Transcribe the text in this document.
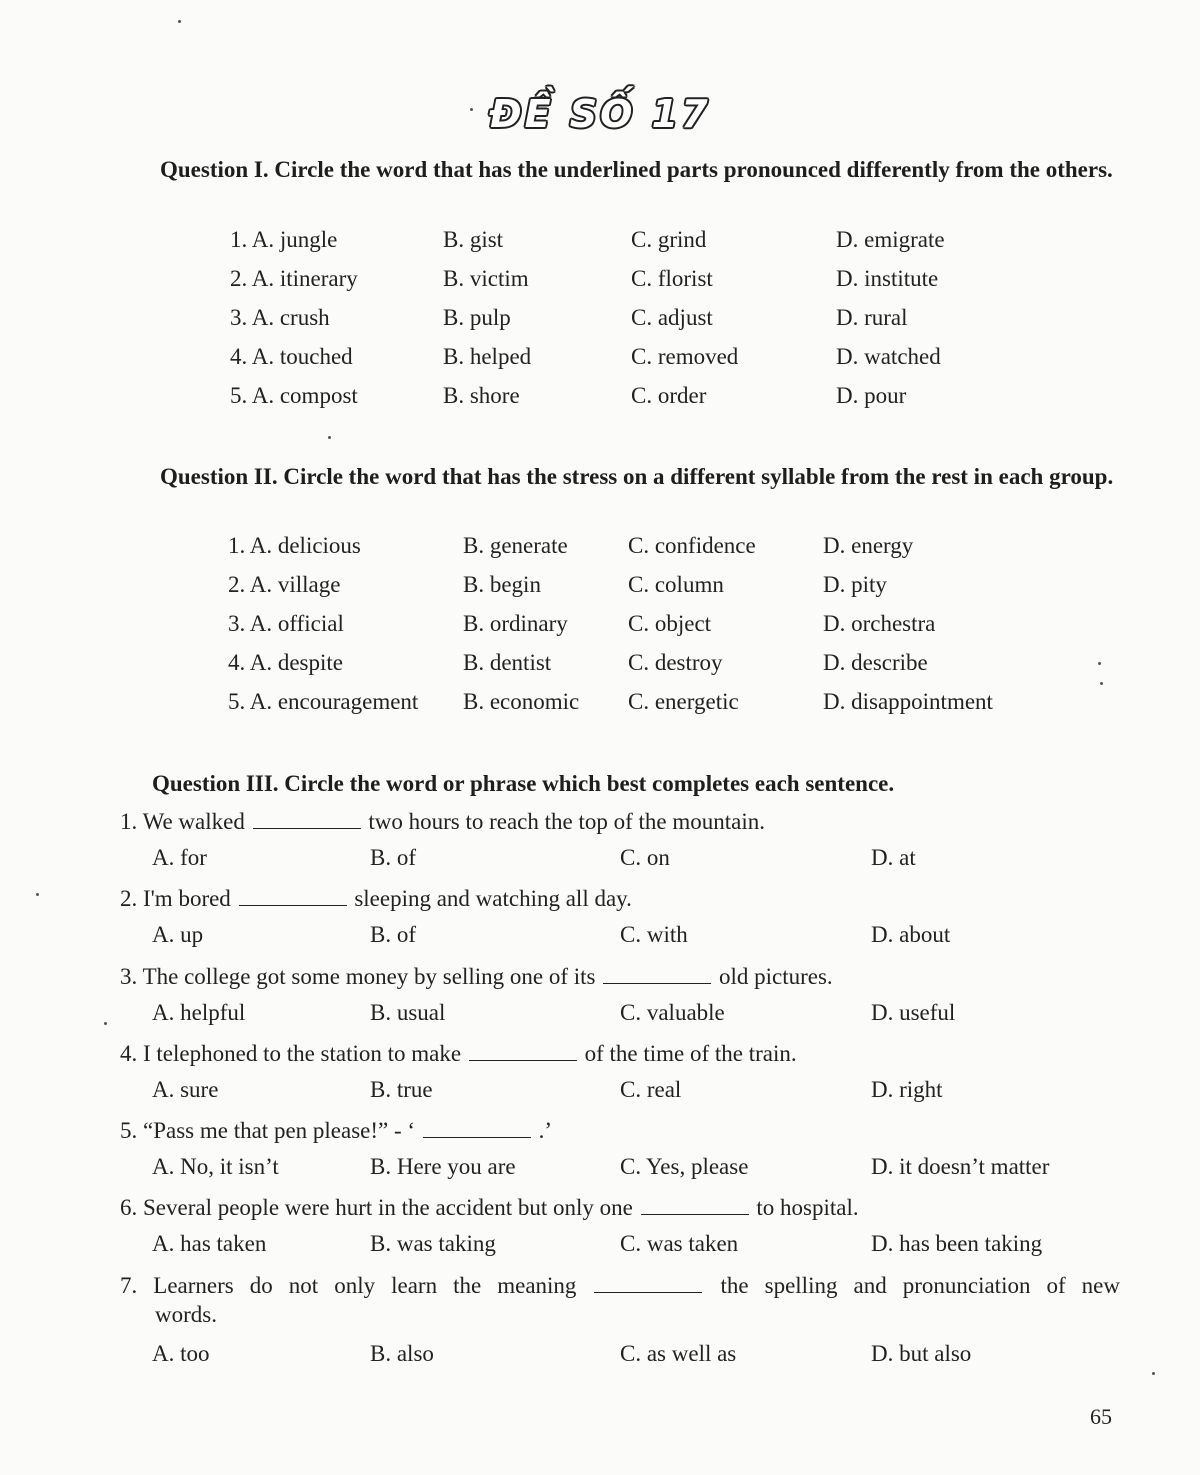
ĐỀ SỐ 17
Question I. Circle the word that has the underlined parts pronounced differently from the others.
1. A. jungle	B. gist	C. grind	D. emigrate
2. A. itinerary	B. victim	C. florist	D. institute
3. A. crush	B. pulp	C. adjust	D. rural
4. A. touched	B. helped	C. removed	D. watched
5. A. compost	B. shore	C. order	D. pour
Question II. Circle the word that has the stress on a different syllable from the rest in each group.
1. A. delicious	B. generate	C. confidence	D. energy
2. A. village	B. begin	C. column	D. pity
3. A. official	B. ordinary	C. object	D. orchestra
4. A. despite	B. dentist	C. destroy	D. describe
5. A. encouragement B. economic C. energetic	D. disappointment
Question III. Circle the word or phrase which best completes each sentence.
1. We walked	two hours to reach the top of the mountain.
A. for	B. of	C. on	D. at
2. I'm bored	sleeping and watching all day.
A. up	B. of	C. with	D. about
3. The college got some money by selling one of its	old pictures.
A. helpful	B. usual	C. valuable	D. useful
4. I telephoned to the station to make	of the time of the train.
A. sure	B. true	C. real	D. right
5. “Pass me that pen please!” - ‘	.’
A. No, it isn’t	B. Here you are	C. Yes, please	D. it doesn’t matter
6. Several people were hurt in the accident but only one	to hospital.
A. has taken	B. was taking	C. was taken	D. has been taking
7. Learners do not only learn the meaning	the spelling and pronunciation of new
words.
A. too	B. also	C. as well as	D. but also
65
